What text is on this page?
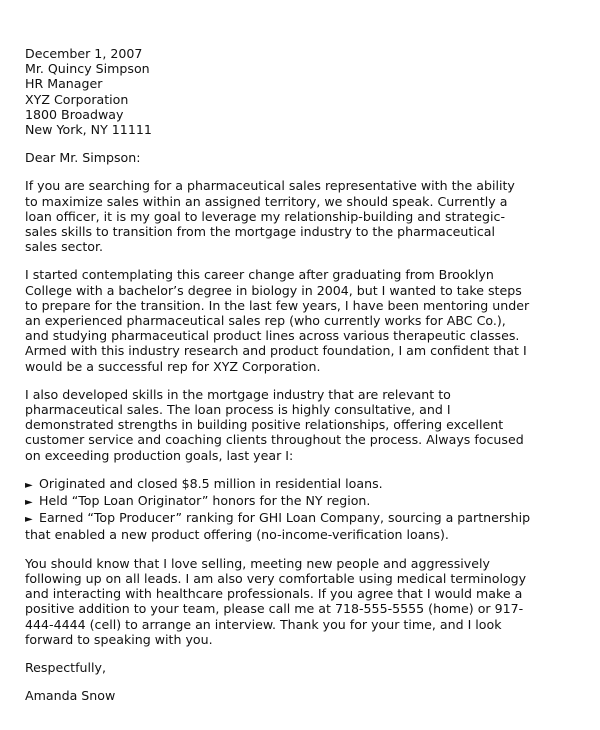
December 1, 2007
Mr. Quincy Simpson
HR Manager
XYZ Corporation
1800 Broadway
New York, NY 11111
Dear Mr. Simpson:
If you are searching for a pharmaceutical sales representative with the ability
to maximize sales within an assigned territory, we should speak. Currently a
loan officer, it is my goal to leverage my relationship-building and strategic-
sales skills to transition from the mortgage industry to the pharmaceutical
sales sector.
I started contemplating this career change after graduating from Brooklyn
College with a bachelor’s degree in biology in 2004, but I wanted to take steps
to prepare for the transition. In the last few years, I have been mentoring under
an experienced pharmaceutical sales rep (who currently works for ABC Co.),
and studying pharmaceutical product lines across various therapeutic classes.
Armed with this industry research and product foundation, I am confident that I
would be a successful rep for XYZ Corporation.
I also developed skills in the mortgage industry that are relevant to
pharmaceutical sales. The loan process is highly consultative, and I
demonstrated strengths in building positive relationships, offering excellent
customer service and coaching clients throughout the process. Always focused
on exceeding production goals, last year I:
► Originated and closed $8.5 million in residential loans.
► Held “Top Loan Originator” honors for the NY region.
► Earned “Top Producer” ranking for GHI Loan Company, sourcing a partnership
that enabled a new product offering (no-income-verification loans).
You should know that I love selling, meeting new people and aggressively
following up on all leads. I am also very comfortable using medical terminology
and interacting with healthcare professionals. If you agree that I would make a
positive addition to your team, please call me at 718-555-5555 (home) or 917-
444-4444 (cell) to arrange an interview. Thank you for your time, and I look
forward to speaking with you.
Respectfully,
Amanda Snow
